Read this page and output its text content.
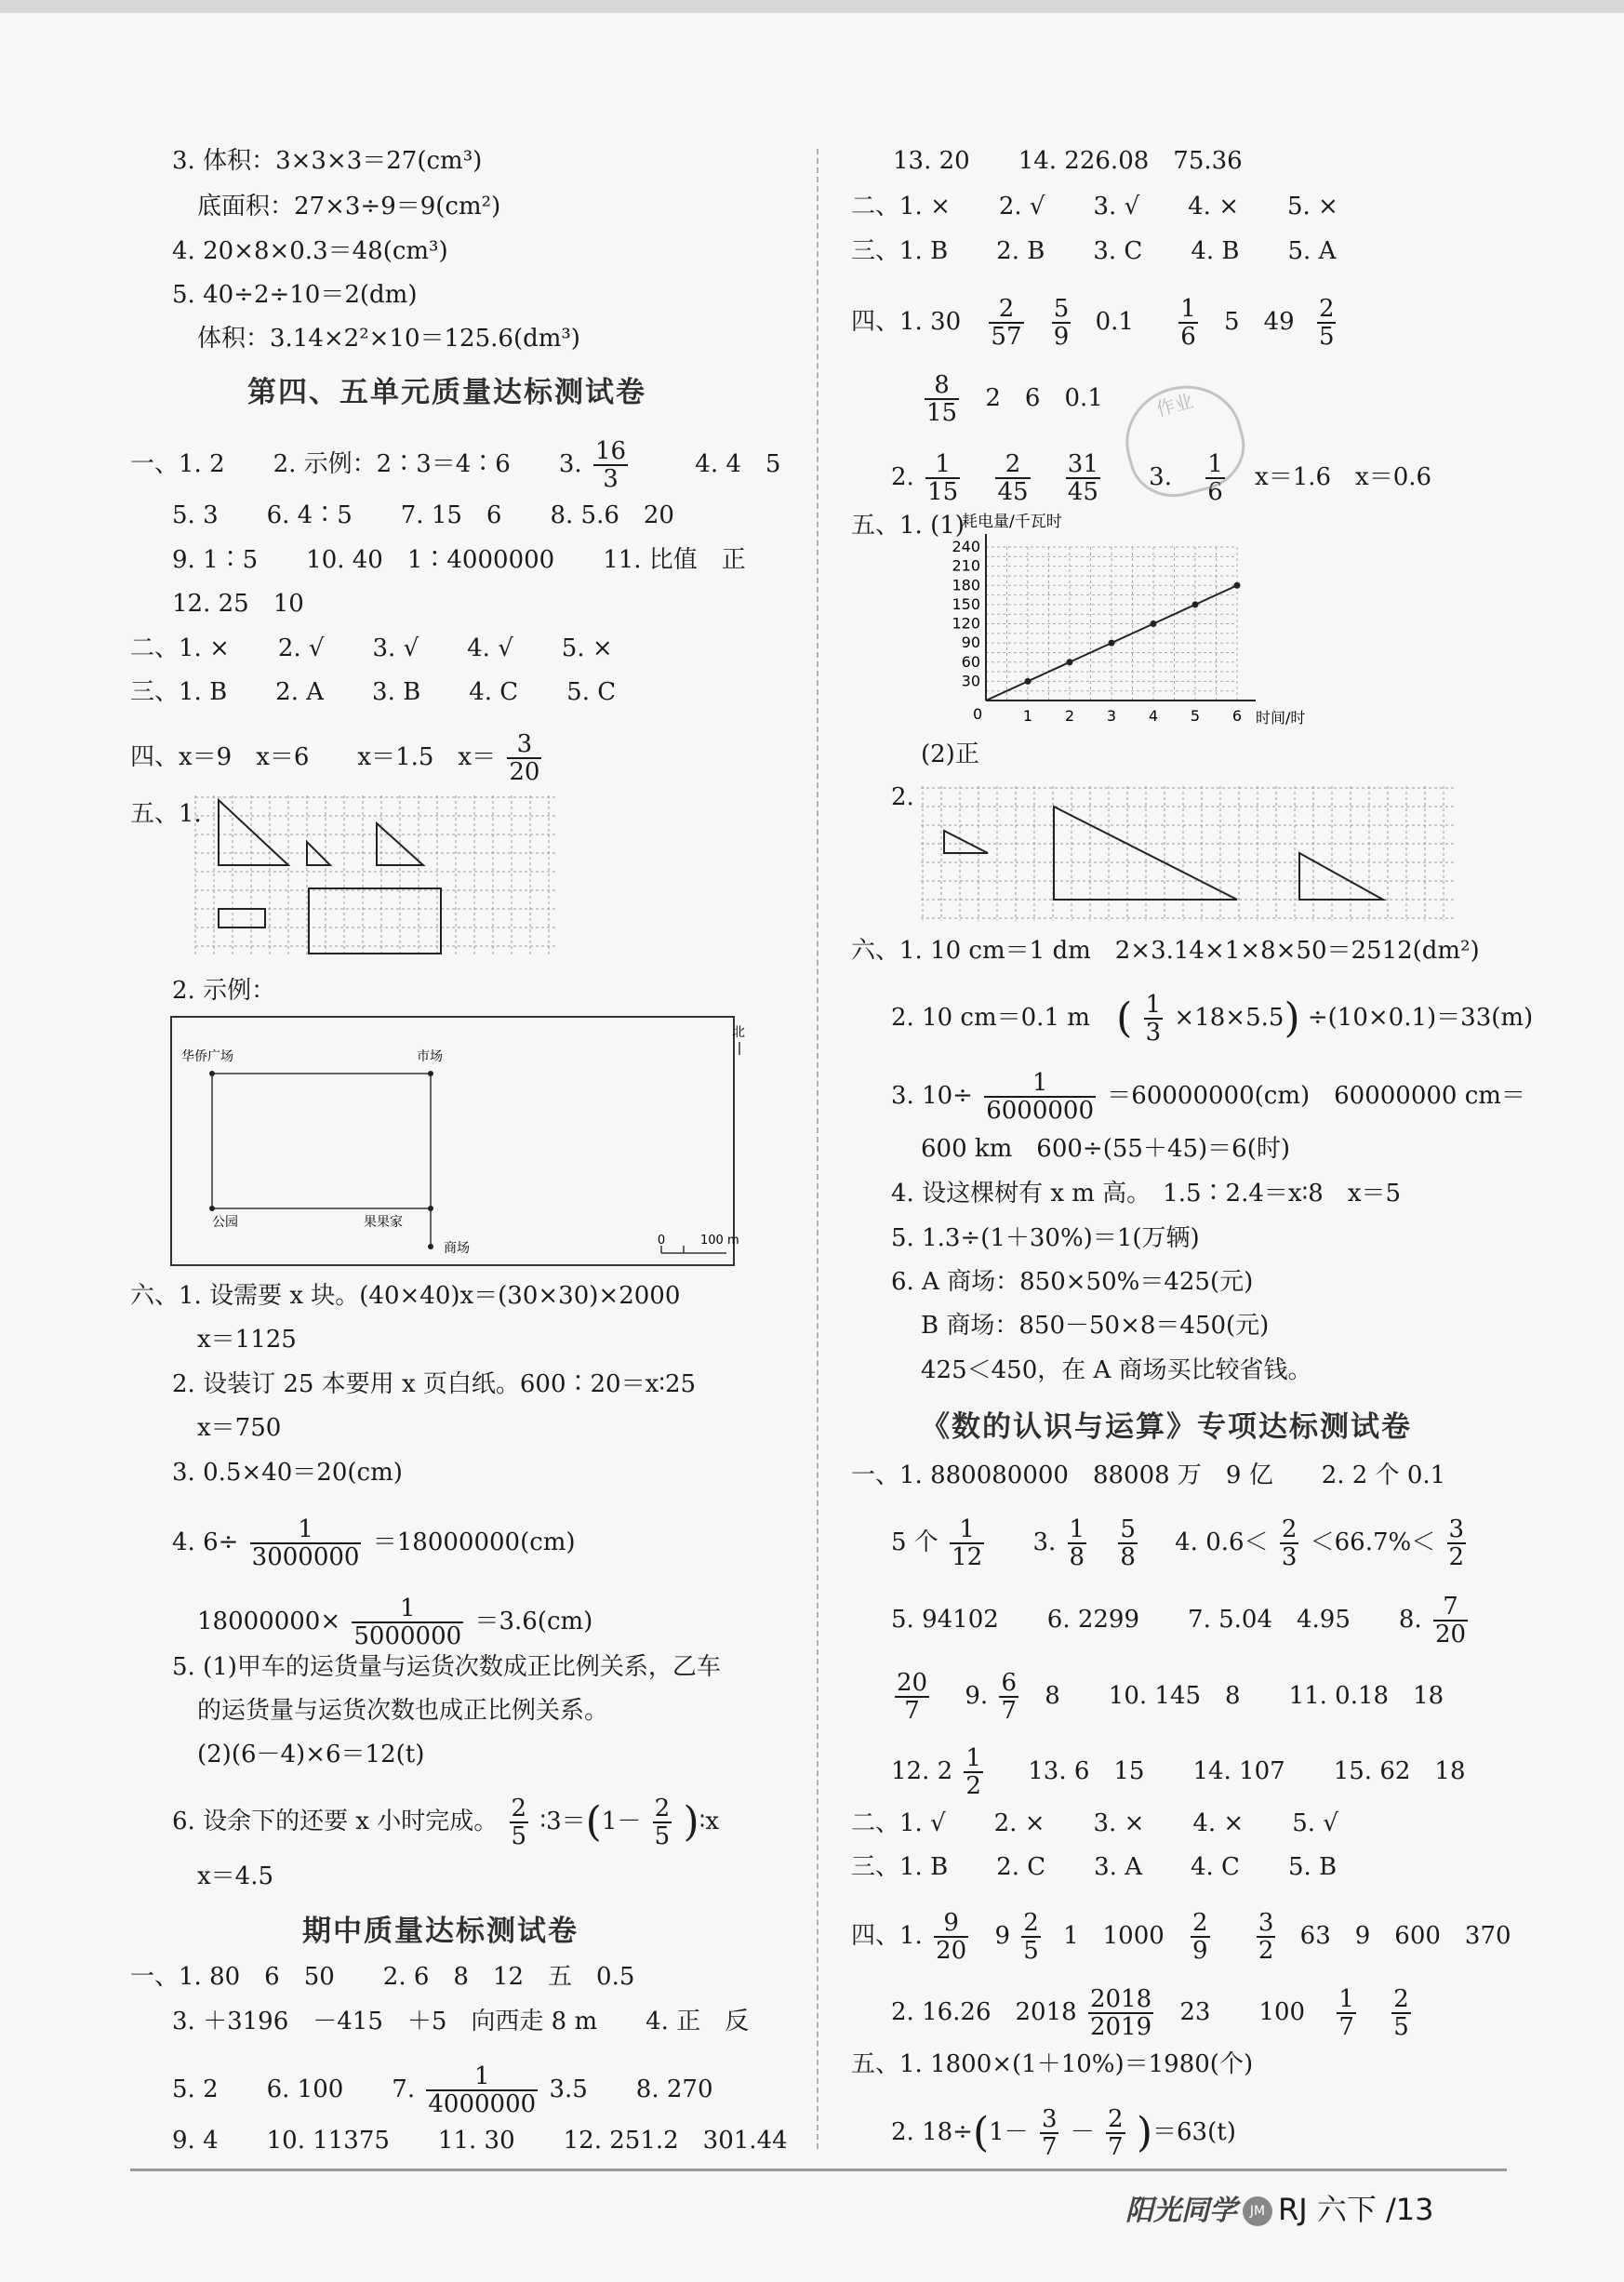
3. 体积：3×3×3＝27(cm³)
底面积：27×3÷9＝9(cm²)
4. 20×8×0.3＝48(cm³)
5. 40÷2÷10＝2(dm)
体积：3.14×2²×10＝125.6(dm³)
第四、五单元质量达标测试卷
一、1. 2　　2. 示例：2∶3＝4∶6　　3. $\frac{16}{3}$	4. 4　5
5. 3　　6. 4∶5　　7. 15　6　　8. 5.6　20
9. 1∶5　　10. 40　1∶4000000　　11. 比值　正
12. 25　10
二、1. ×　　2. √　　3. √　　4. √　　5. ×
三、1. B　　2. A　　3. B　　4. C　　5. C
四、x＝9　x＝6　　x＝1.5　$x= \frac{3}{20}$
五、1.
2. 示例：
北
华侨广场	市场
公园	果果家
商场
0	100 m
六、1. 设需要 x 块。(40×40)x＝(30×30)×2000
x＝1125
2. 设装订 25 本要用 x 页白纸。600∶20＝x∶25
x＝750
3. 0.5×40＝20(cm)
4. $6\div \frac{1}{3000000} =18000000(cm)$
$18000000\times \frac{1}{5000000} =3.6(cm)$
5. (1)甲车的运货量与运货次数成正比例关系，乙车
的运货量与运货次数也成正比例关系。
(2)(6－4)×6＝12(t)
6. 设余下的还要 x 小时完成。 $\frac{2}{5}$ ∶3＝(1－ $\frac{2}{5}$ )∶x
x＝4.5
期中质量达标测试卷
一、1. 80　6　50　　2. 6　8　12　五　0.5
3. ＋3196　－415　＋5　向西走 8 m　　4. 正　反
5. 2　　6. 100　　7. $\frac{1}{4000000} 3.5$　　8. 270
9. 4　　10. 11375　　11. 30　　12. 251.2　301.44
13. 20　　14. 226.08　75.36
二、1. ×　　2. √　　3. √　　4. ×　　5. ×
三、1. B　　2. B　　3. C　　4. B　　5. A
四、1. $30 \frac{2}{57}$
$\frac{5}{9} 0.1 \frac{1}{6} 5$　$49 \frac{2}{5}$
$\frac{8}{15} 2$　6　0.1
2. $\frac{1}{15}$
$\frac{2}{45}$
$\frac{31}{45} 3$. $\frac{1}{6} x=1.6$　x＝0.6
作业
五、1. (1)
耗电量/千瓦时
1 2 3 4 5 6
30
60
90
120
150
180
210
240
时间/时
0
(2)正
2.
六、1. 10 cm＝1 dm　2×3.14×1×8×50＝2512(dm²)
2. 10 cm＝0.1 m ( $\frac{1}{3} \times 18\times 5.5) \div(10\times 0.1)=33(m)$
3. $10\div \frac{1}{6000000} =60000000(cm)$　60000000 cm＝
600 km　600÷(55＋45)＝6(时)
4. 设这棵树有 x m 高。　1.5∶2.4＝x∶8　x＝5
5. 1.3÷(1＋30%)＝1(万辆)
6. A 商场：850×50%＝425(元)
B 商场：850－50×8＝450(元)
425＜450，在 A 商场买比较省钱。
《数的认识与运算》专项达标测试卷
一、1. 880080000　88008 万　9 亿　　2. 2 个 0.1
5 个 $\frac{1}{12} 3$. $\frac{1}{8}$
$\frac{5}{8} 4$. $0.6< \frac{2}{3} <66.7\%< \frac{3}{2}$
5. 94102　　6. 2299　　7. 5.04　4.95　　8. $\frac{7}{20}$
$\frac{20}{7} 9$. $\frac{6}{7} 8$　　10. 145　8　　11. 0.18　18
12. $2 \frac{1}{2} 13$. 6　15　　14. 107　　15. 62　18
二、1. √　　2. ×　　3. ×　　4. ×　　5. √
三、1. B　　2. C　　3. A　　4. C　　5. B
四、1. $\frac{9}{20} 9 \frac{2}{5} 1$　$1000 \frac{2}{9}$
$\frac{3}{2} 63$　9　600　370
2. 16.26　$2018 \frac{2018}{2019} 23$　　$100 \frac{1}{7}$
$\frac{2}{5}$
五、1. 1800×(1＋10%)＝1980(个)
2. $18\div(1- \frac{3}{7} - \frac{2}{7} )=63(t)$
阳光同学 JM RJ 六下 /13
